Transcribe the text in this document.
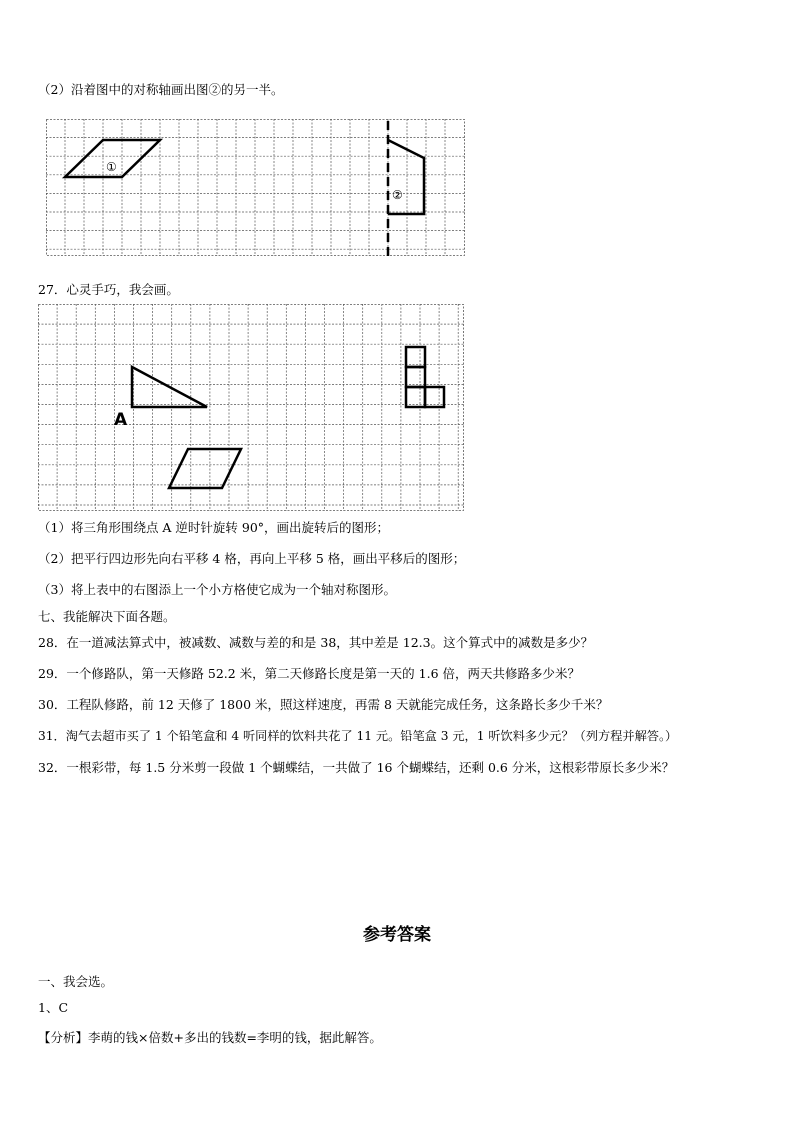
（2）沿着图中的对称轴画出图②的另一半。
①
②
27．心灵手巧，我会画。
A
（1）将三角形围绕点 A 逆时针旋转 90°，画出旋转后的图形；
（2）把平行四边形先向右平移 4 格，再向上平移 5 格，画出平移后的图形；
（3）将上表中的右图添上一个小方格使它成为一个轴对称图形。
七、我能解决下面各题。
28．在一道减法算式中，被减数、减数与差的和是 38，其中差是 12.3。这个算式中的减数是多少？
29．一个修路队，第一天修路 52.2 米，第二天修路长度是第一天的 1.6 倍，两天共修路多少米？
30．工程队修路，前 12 天修了 1800 米，照这样速度，再需 8 天就能完成任务，这条路长多少千米？
31．淘气去超市买了 1 个铅笔盒和 4 听同样的饮料共花了 11 元。铅笔盒 3 元，1 听饮料多少元？（列方程并解答。）
32．一根彩带，每 1.5 分米剪一段做 1 个蝴蝶结，一共做了 16 个蝴蝶结，还剩 0.6 分米，这根彩带原长多少米？
参考答案
一、我会选。
1、C
【分析】李萌的钱×倍数+多出的钱数=李明的钱，据此解答。
